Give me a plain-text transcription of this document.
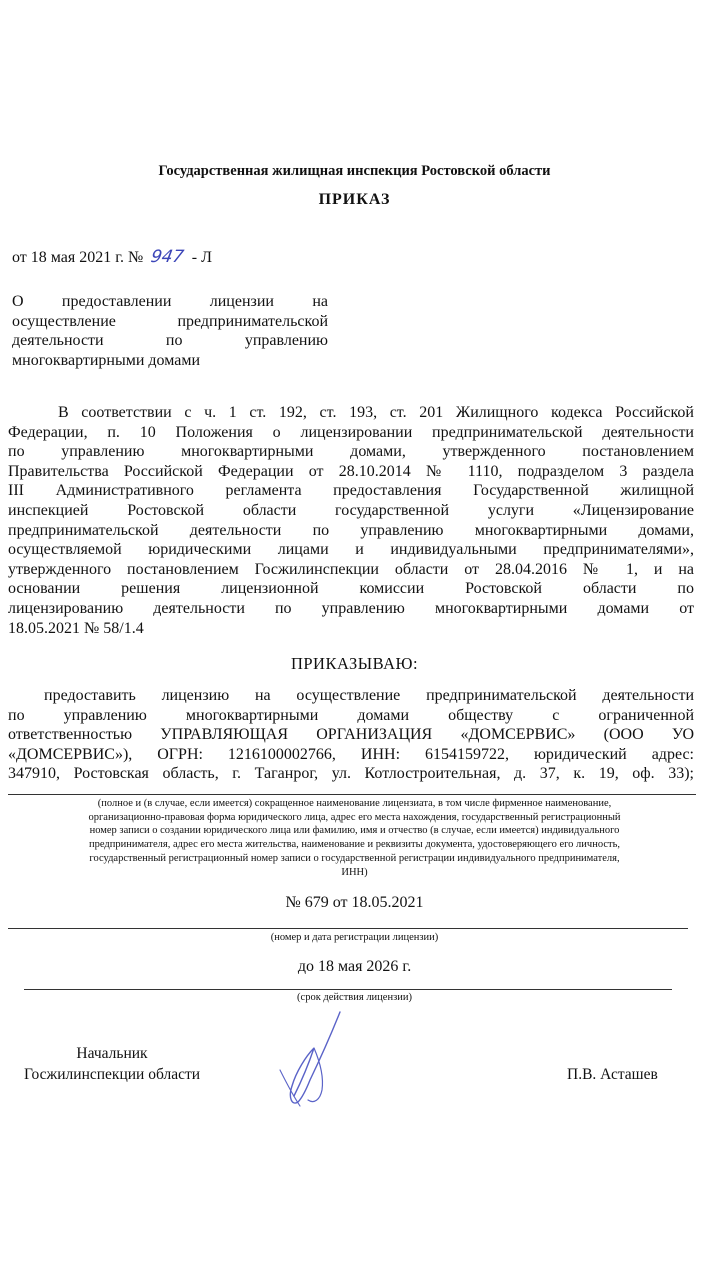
Государственная жилищная инспекция Ростовской области
ПРИКАЗ
от 18 мая 2021 г. № 947 - Л
О предоставлении лицензии на
осуществление предпринимательской
деятельности по управлению
многоквартирными домами
В соответствии с ч. 1 ст. 192, ст. 193, ст. 201 Жилищного кодекса Российской
Федерации, п. 10 Положения о лицензировании предпринимательской деятельности
по управлению многоквартирными домами, утвержденного постановлением
Правительства Российской Федерации от 28.10.2014 № 1110, подразделом 3 раздела
III Административного регламента предоставления Государственной жилищной
инспекцией Ростовской области государственной услуги «Лицензирование
предпринимательской деятельности по управлению многоквартирными домами,
осуществляемой юридическими лицами и индивидуальными предпринимателями»,
утвержденного постановлением Госжилинспекции области от 28.04.2016 № 1, и на
основании решения лицензионной комиссии Ростовской области по
лицензированию деятельности по управлению многоквартирными домами от
18.05.2021 № 58/1.4
ПРИКАЗЫВАЮ:
предоставить лицензию на осуществление предпринимательской деятельности
по управлению многоквартирными домами обществу с ограниченной
ответственностью УПРАВЛЯЮЩАЯ ОРГАНИЗАЦИЯ «ДОМСЕРВИС» (ООО УО
«ДОМСЕРВИС»), ОГРН: 1216100002766, ИНН: 6154159722, юридический адрес:
347910, Ростовская область, г. Таганрог, ул. Котлостроительная, д. 37, к. 19, оф. 33);
(полное и (в случае, если имеется) сокращенное наименование лицензиата, в том числе фирменное наименование,
организационно-правовая форма юридического лица, адрес его места нахождения, государственный регистрационный
номер записи о создании юридического лица или фамилию, имя и отчество (в случае, если имеется) индивидуального
предпринимателя, адрес его места жительства, наименование и реквизиты документа, удостоверяющего его личность,
государственный регистрационный номер записи о государственной регистрации индивидуального предпринимателя,
ИНН)
№ 679 от 18.05.2021
(номер и дата регистрации лицензии)
до 18 мая 2026 г.
(срок действия лицензии)
Начальник
Госжилинспекции области	П.В. Асташев
